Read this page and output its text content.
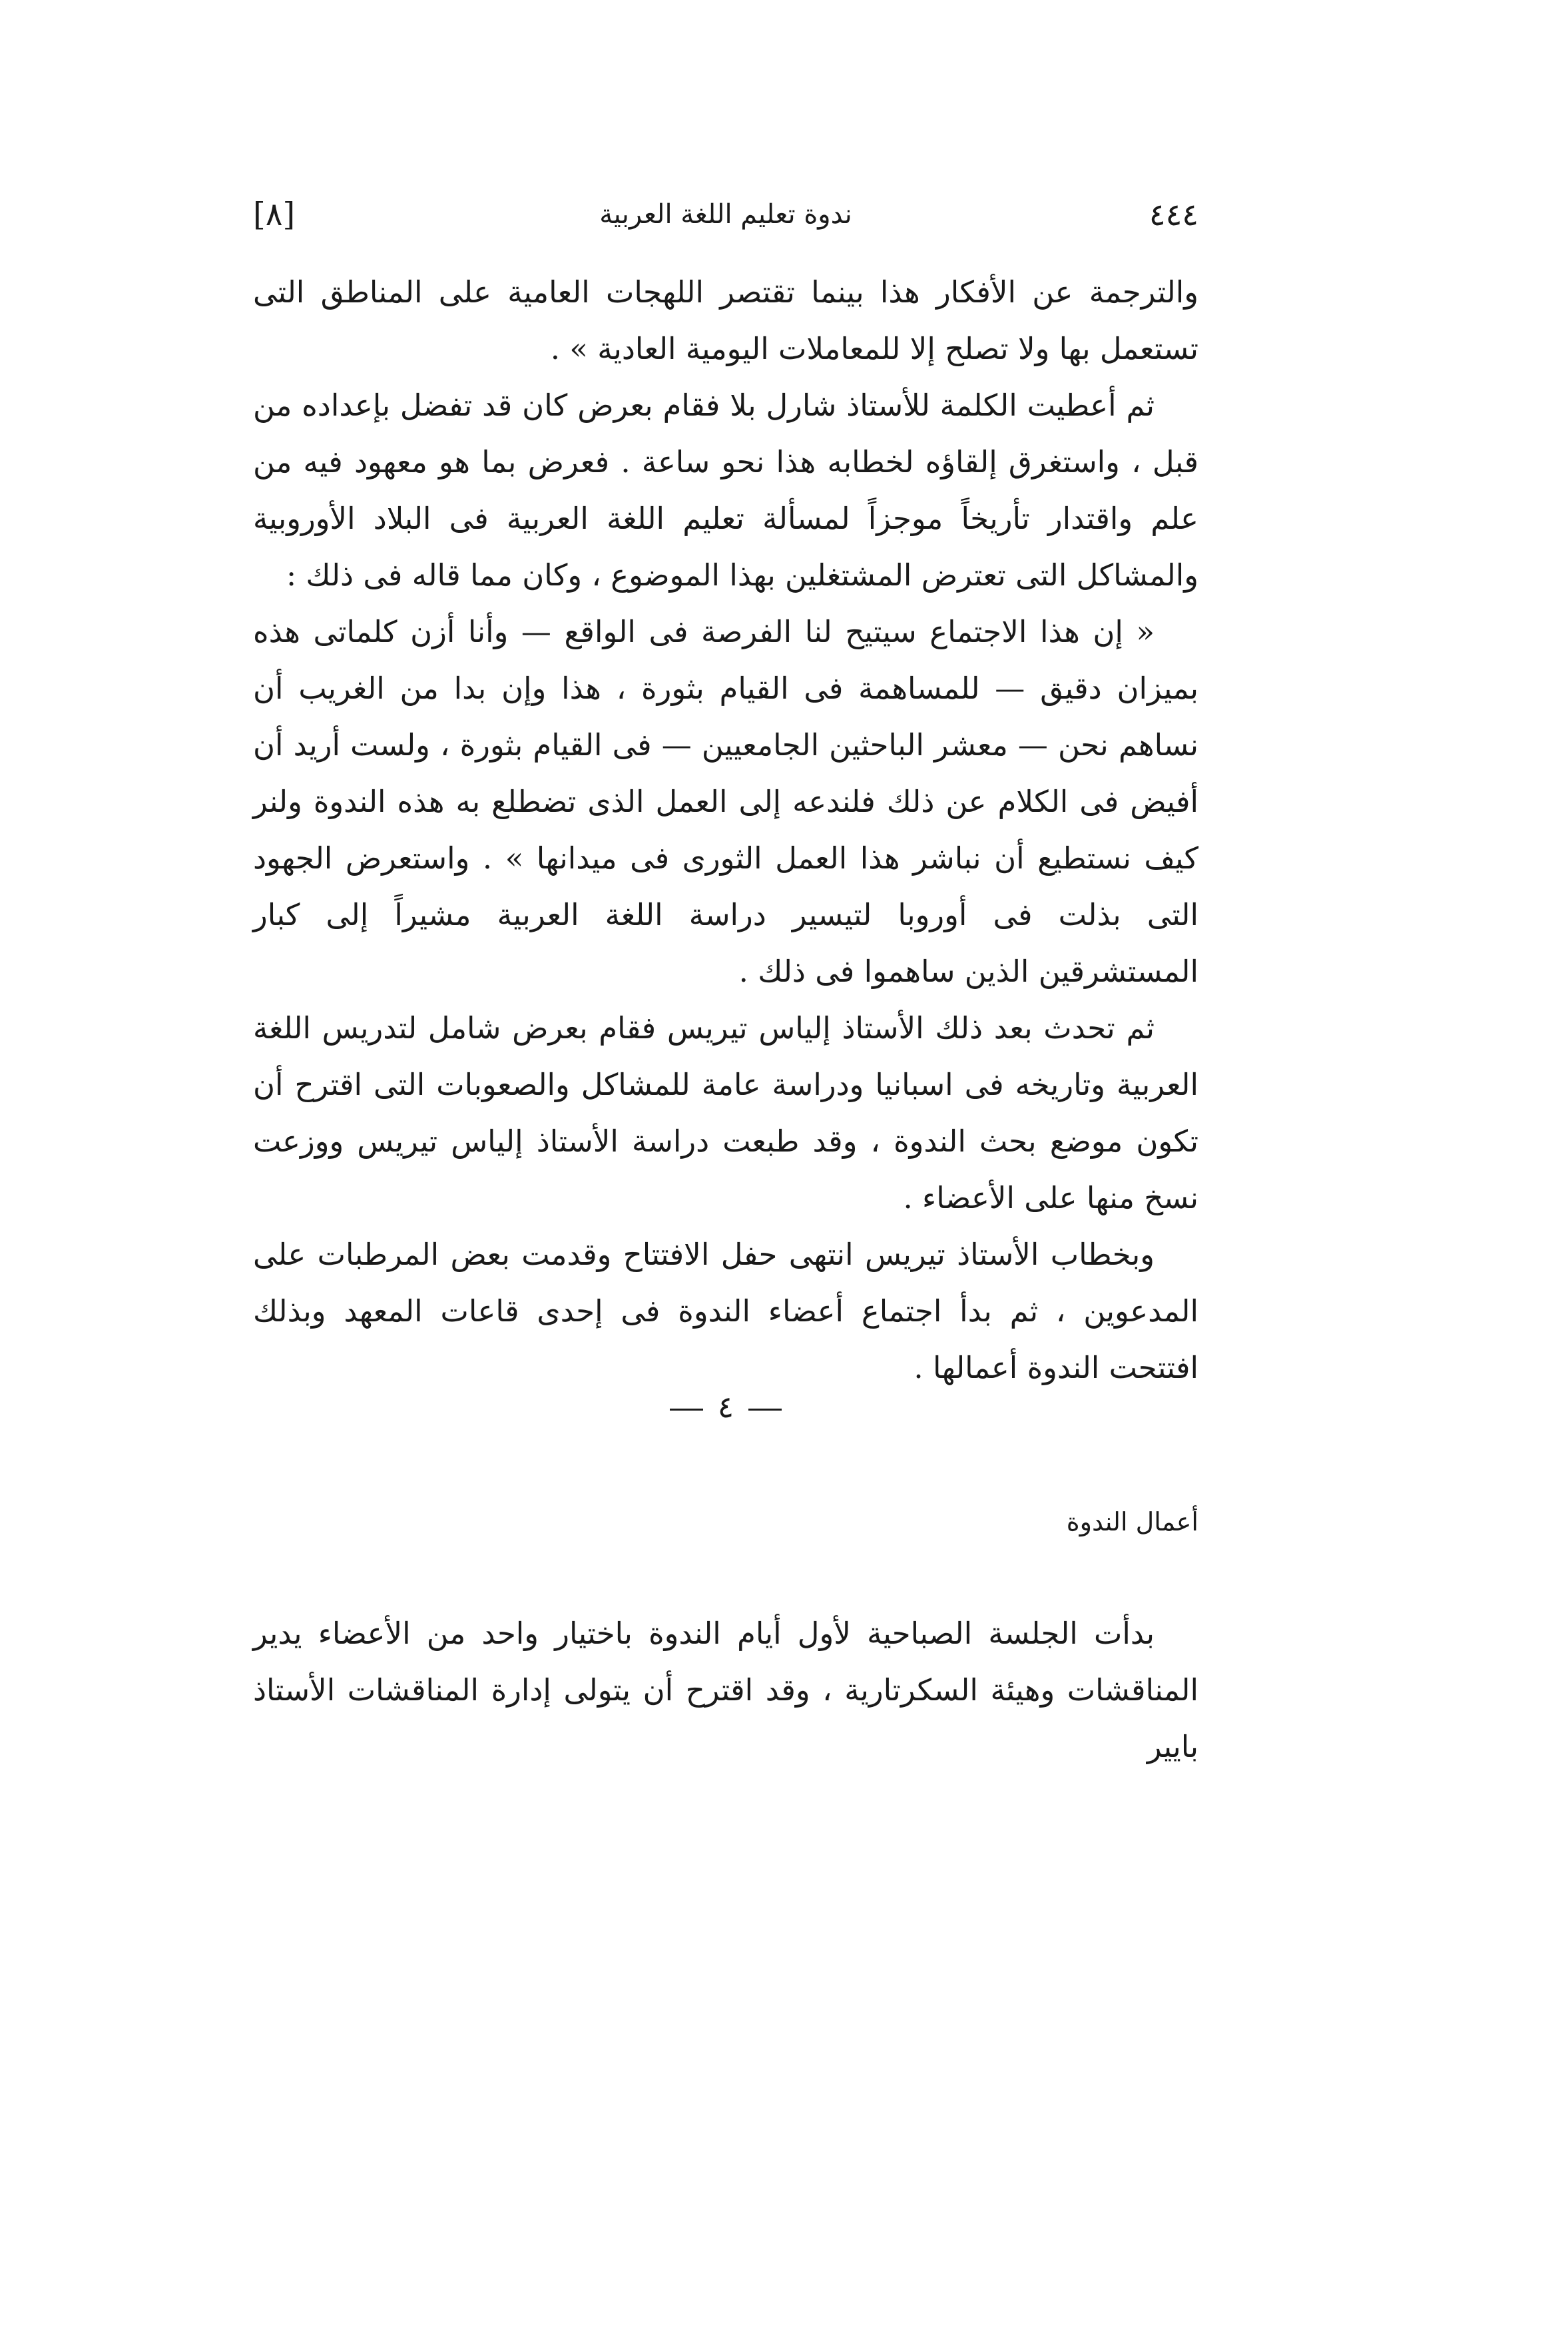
[٨]	ندوة تعليم اللغة العربية	٤٤٤

والترجمة عن الأفكار هذا بينما تقتصر اللهجات العامية على المناطق التى تستعمل بها ولا تصلح إلا للمعاملات اليومية العادية » .

ثم أعطيت الكلمة للأستاذ شارل بلا فقام بعرض كان قد تفضل بإعداده من قبل ، واستغرق إلقاؤه لخطابه هذا نحو ساعة . فعرض بما هو معهود فيه من علم واقتدار تأريخاً موجزاً لمسألة تعليم اللغة العربية فى البلاد الأوروبية والمشاكل التى تعترض المشتغلين بهذا الموضوع ، وكان مما قاله فى ذلك :

« إن هذا الاجتماع سيتيح لنا الفرصة فى الواقع — وأنا أزن كلماتى هذه بميزان دقيق — للمساهمة فى القيام بثورة ، هذا وإن بدا من الغريب أن نساهم نحن — معشر الباحثين الجامعيين — فى القيام بثورة ، ولست أريد أن أفيض فى الكلام عن ذلك فلندعه إلى العمل الذى تضطلع به هذه الندوة ولنر كيف نستطيع أن نباشر هذا العمل الثورى فى ميدانها » . واستعرض الجهود التى بذلت فى أوروبا لتيسير دراسة اللغة العربية مشيراً إلى كبار المستشرقين الذين ساهموا فى ذلك .

ثم تحدث بعد ذلك الأستاذ إلياس تيريس فقام بعرض شامل لتدريس اللغة العربية وتاريخه فى اسبانيا ودراسة عامة للمشاكل والصعوبات التى اقترح أن تكون موضع بحث الندوة ، وقد طبعت دراسة الأستاذ إلياس تيريس ووزعت نسخ منها على الأعضاء .

وبخطاب الأستاذ تيريس انتهى حفل الافتتاح وقدمت بعض المرطبات على المدعوين ، ثم بدأ اجتماع أعضاء الندوة فى إحدى قاعات المعهد وبذلك افتتحت الندوة أعمالها .

٤
أعمال الندوة

بدأت الجلسة الصباحية لأول أيام الندوة باختيار واحد من الأعضاء يدير المناقشات وهيئة السكرتارية ، وقد اقترح أن يتولى إدارة المناقشات الأستاذ بايير
